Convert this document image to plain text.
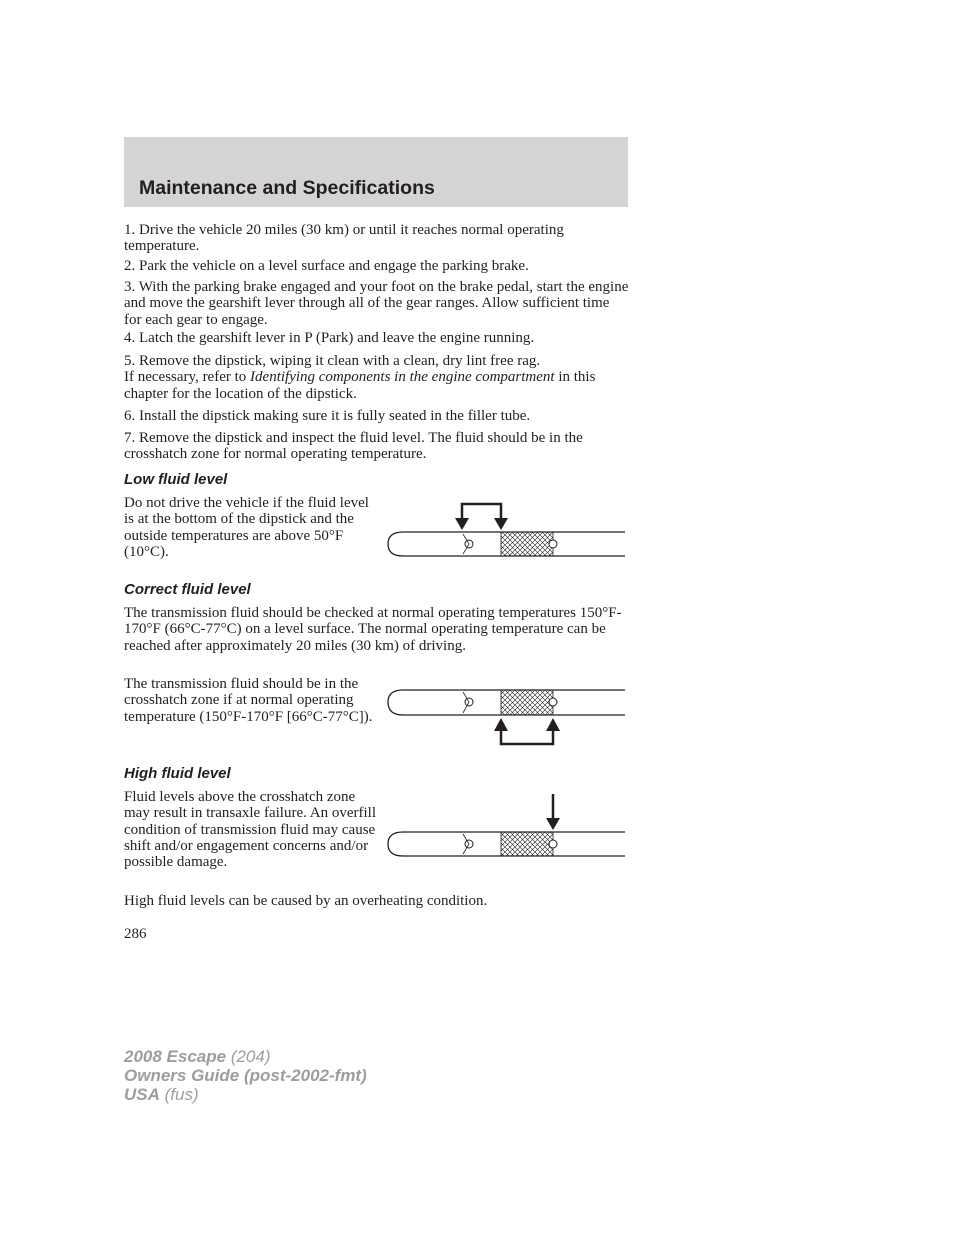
Maintenance and Specifications

1. Drive the vehicle 20 miles (30 km) or until it reaches normal operating temperature.

2. Park the vehicle on a level surface and engage the parking brake.

3. With the parking brake engaged and your foot on the brake pedal, start the engine and move the gearshift lever through all of the gear ranges. Allow sufficient time for each gear to engage.

4. Latch the gearshift lever in P (Park) and leave the engine running.

5. Remove the dipstick, wiping it clean with a clean, dry lint free rag.
If necessary, refer to Identifying components in the engine compartment in this chapter for the location of the dipstick.

6. Install the dipstick making sure it is fully seated in the filler tube.

7. Remove the dipstick and inspect the fluid level. The fluid should be in the crosshatch zone for normal operating temperature.

Low fluid level

Do not drive the vehicle if the fluid level is at the bottom of the dipstick and the outside temperatures are above 50°F (10°C).

Correct fluid level

The transmission fluid should be checked at normal operating temperatures 150°F-170°F (66°C-77°C) on a level surface. The normal operating temperature can be reached after approximately 20 miles (30 km) of driving.

The transmission fluid should be in the crosshatch zone if at normal operating temperature (150°F-170°F [66°C-77°C]).

High fluid level

Fluid levels above the crosshatch zone may result in transaxle failure. An overfill condition of transmission fluid may cause shift and/or engagement concerns and/or possible damage.

High fluid levels can be caused by an overheating condition.

286
2008 Escape (204)
Owners Guide (post-2002-fmt)
USA (fus)
